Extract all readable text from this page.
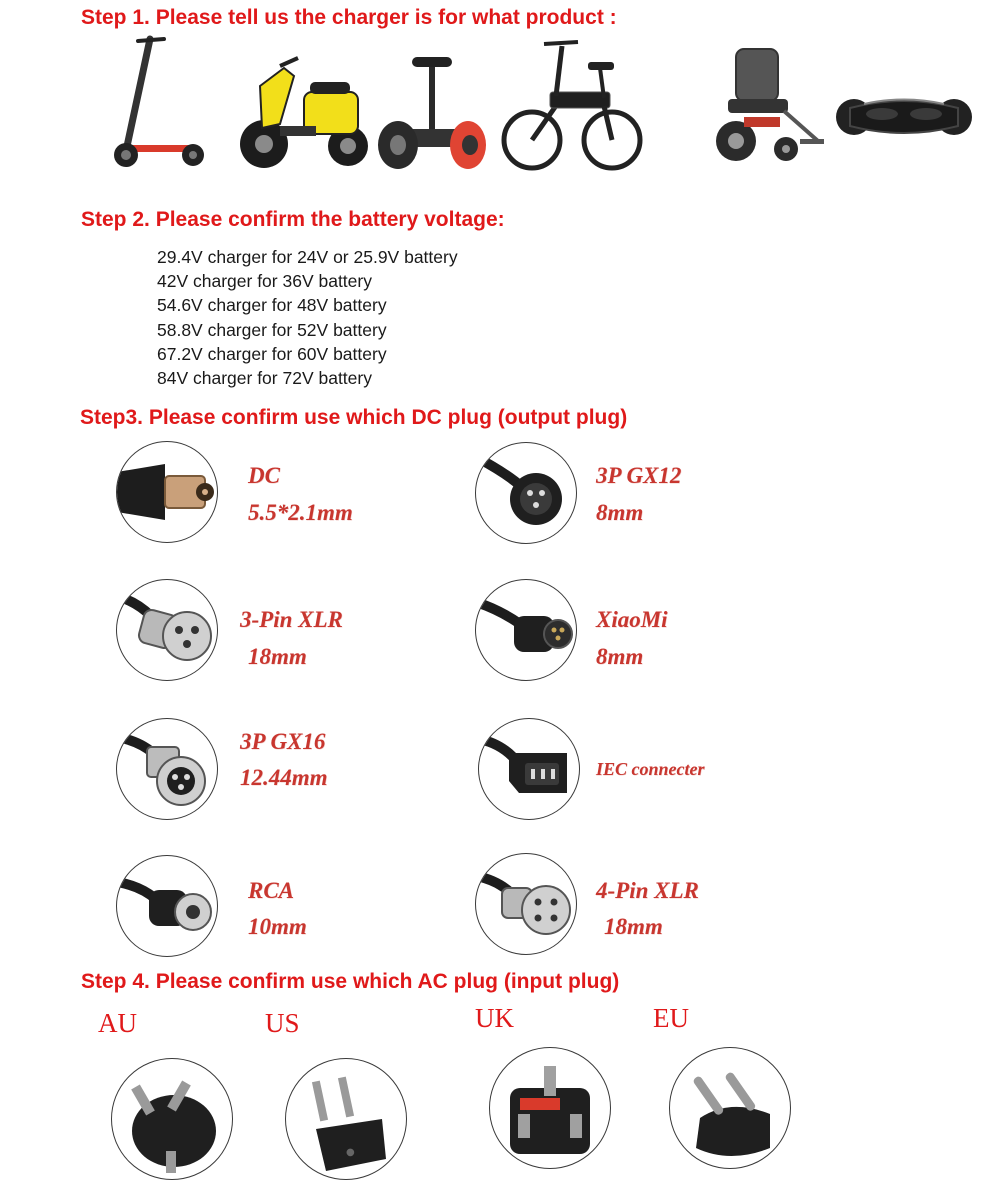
Step 1. Please tell us the charger is for what product :
Step 2. Please confirm the battery voltage:
29.4V charger for 24V or 25.9V battery
42V charger for 36V battery
54.6V charger for 48V battery
58.8V charger for 52V battery
67.2V charger for 60V battery
84V charger for 72V battery
Step3. Please confirm use which DC plug (output plug)
DC
5.5*2.1mm
3P GX12
8mm
3-Pin XLR
18mm
XiaoMi
8mm
3P GX16
12.44mm	IEC connecter
RCA
10mm
4-Pin XLR
18mm
Step 4. Please confirm use which AC plug (input plug)
AU	US	UK	EU
●
